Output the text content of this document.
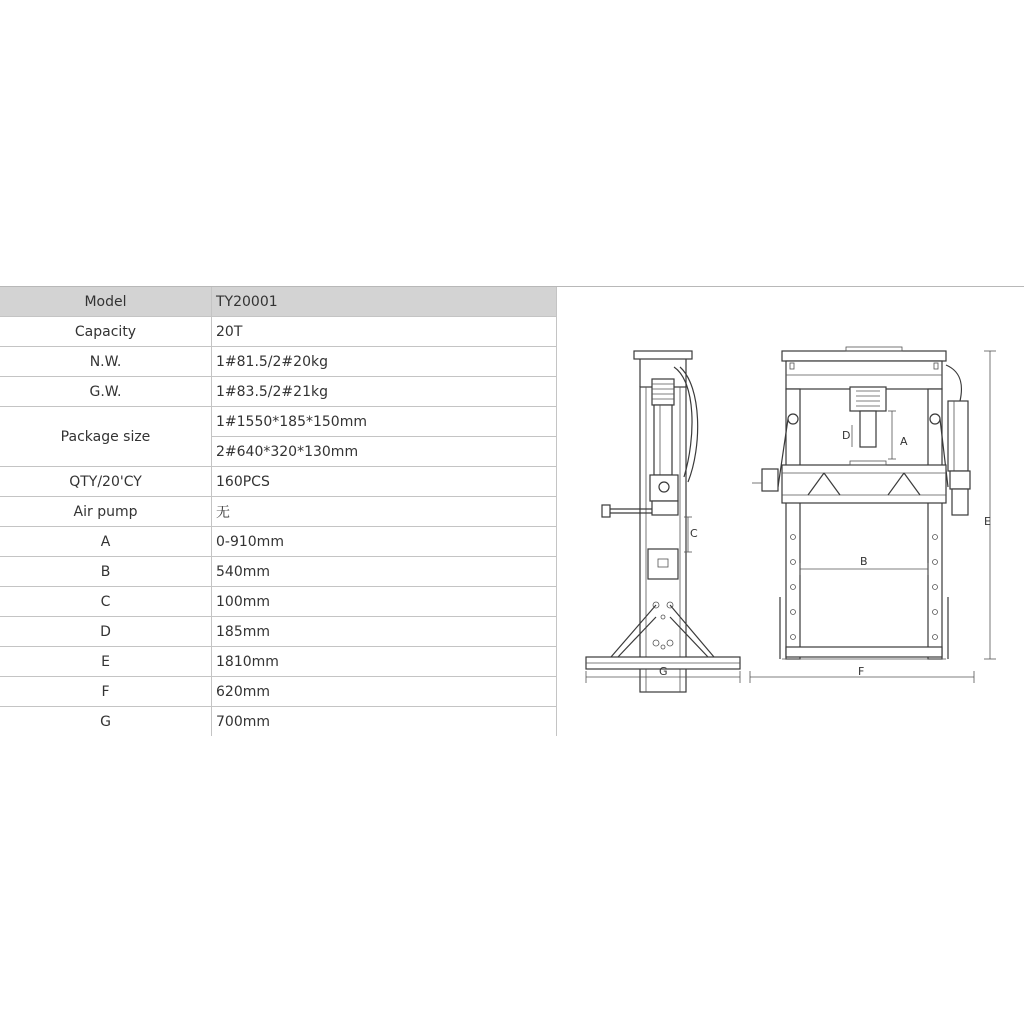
Model	TY20001
Capacity	20T
N.W.	1#81.5/2#20kg
G.W.	1#83.5/2#21kg
Package size	1#1550*185*150mm
	2#640*320*130mm
QTY/20'CY	160PCS
Air pump	无
A	0-910mm
B	540mm
C	100mm
D	185mm
E	1810mm
F	620mm
G	700mm
C
G
D	A
B
E
F
